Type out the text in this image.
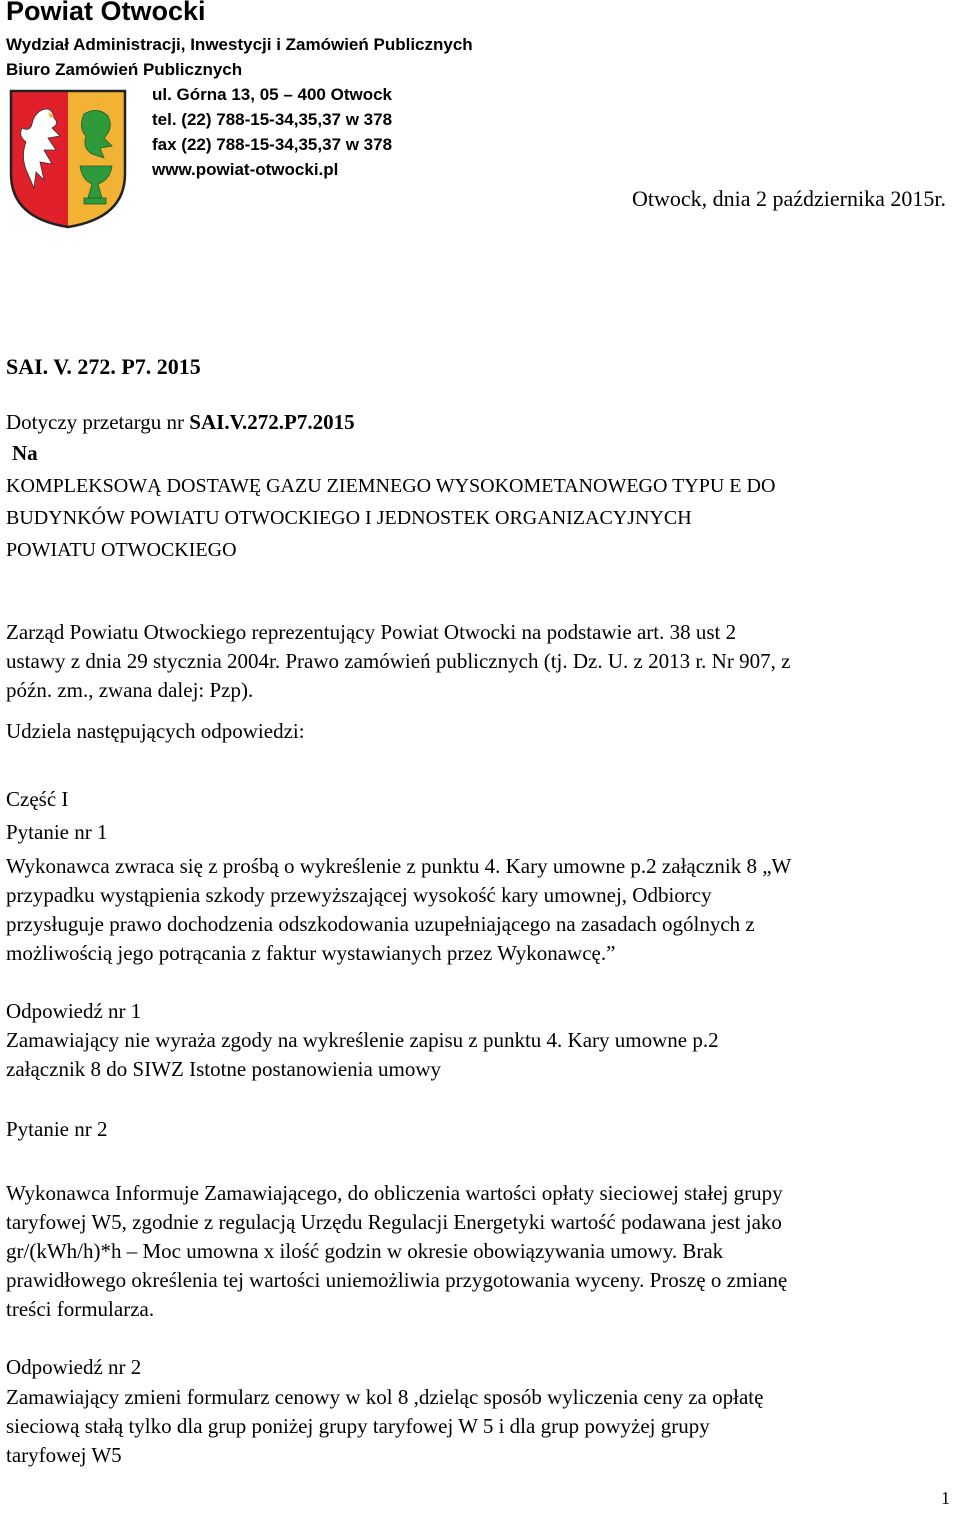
Powiat Otwocki
Wydział Administracji, Inwestycji i Zamówień Publicznych
Biuro Zamówień Publicznych
ul. Górna 13, 05 – 400 Otwock
tel. (22) 788-15-34,35,37 w 378
fax (22) 788-15-34,35,37 w 378
www.powiat-otwocki.pl
Otwock, dnia 2 października 2015r.
SAI. V. 272. P7. 2015
Dotyczy przetargu nr SAI.V.272.P7.2015
Na
KOMPLEKSOWĄ DOSTAWĘ GAZU ZIEMNEGO WYSOKOMETANOWEGO TYPU E DO
BUDYNKÓW POWIATU OTWOCKIEGO I JEDNOSTEK ORGANIZACYJNYCH
POWIATU OTWOCKIEGO
Zarząd Powiatu Otwockiego reprezentujący Powiat Otwocki na podstawie art. 38 ust 2
ustawy z dnia 29 stycznia 2004r. Prawo zamówień publicznych (tj. Dz. U. z 2013 r. Nr 907, z
późn. zm., zwana dalej: Pzp).
Udziela następujących odpowiedzi:
Część I
Pytanie nr 1
Wykonawca zwraca się z prośbą o wykreślenie z punktu 4. Kary umowne p.2 załącznik 8 „W
przypadku wystąpienia szkody przewyższającej wysokość kary umownej, Odbiorcy
przysługuje prawo dochodzenia odszkodowania uzupełniającego na zasadach ogólnych z
możliwością jego potrącania z faktur wystawianych przez Wykonawcę.”
Odpowiedź nr 1
Zamawiający nie wyraża zgody na wykreślenie zapisu z punktu 4. Kary umowne p.2
załącznik 8 do SIWZ Istotne postanowienia umowy
Pytanie nr 2
Wykonawca Informuje Zamawiającego, do obliczenia wartości opłaty sieciowej stałej grupy
taryfowej W5, zgodnie z regulacją Urzędu Regulacji Energetyki wartość podawana jest jako
gr/(kWh/h)*h – Moc umowna x ilość godzin w okresie obowiązywania umowy. Brak
prawidłowego określenia tej wartości uniemożliwia przygotowania wyceny. Proszę o zmianę
treści formularza.
Odpowiedź nr 2
Zamawiający zmieni formularz cenowy w kol 8 ,dzieląc sposób wyliczenia ceny za opłatę
sieciową stałą tylko dla grup poniżej grupy taryfowej W 5 i dla grup powyżej grupy
taryfowej W5
1
